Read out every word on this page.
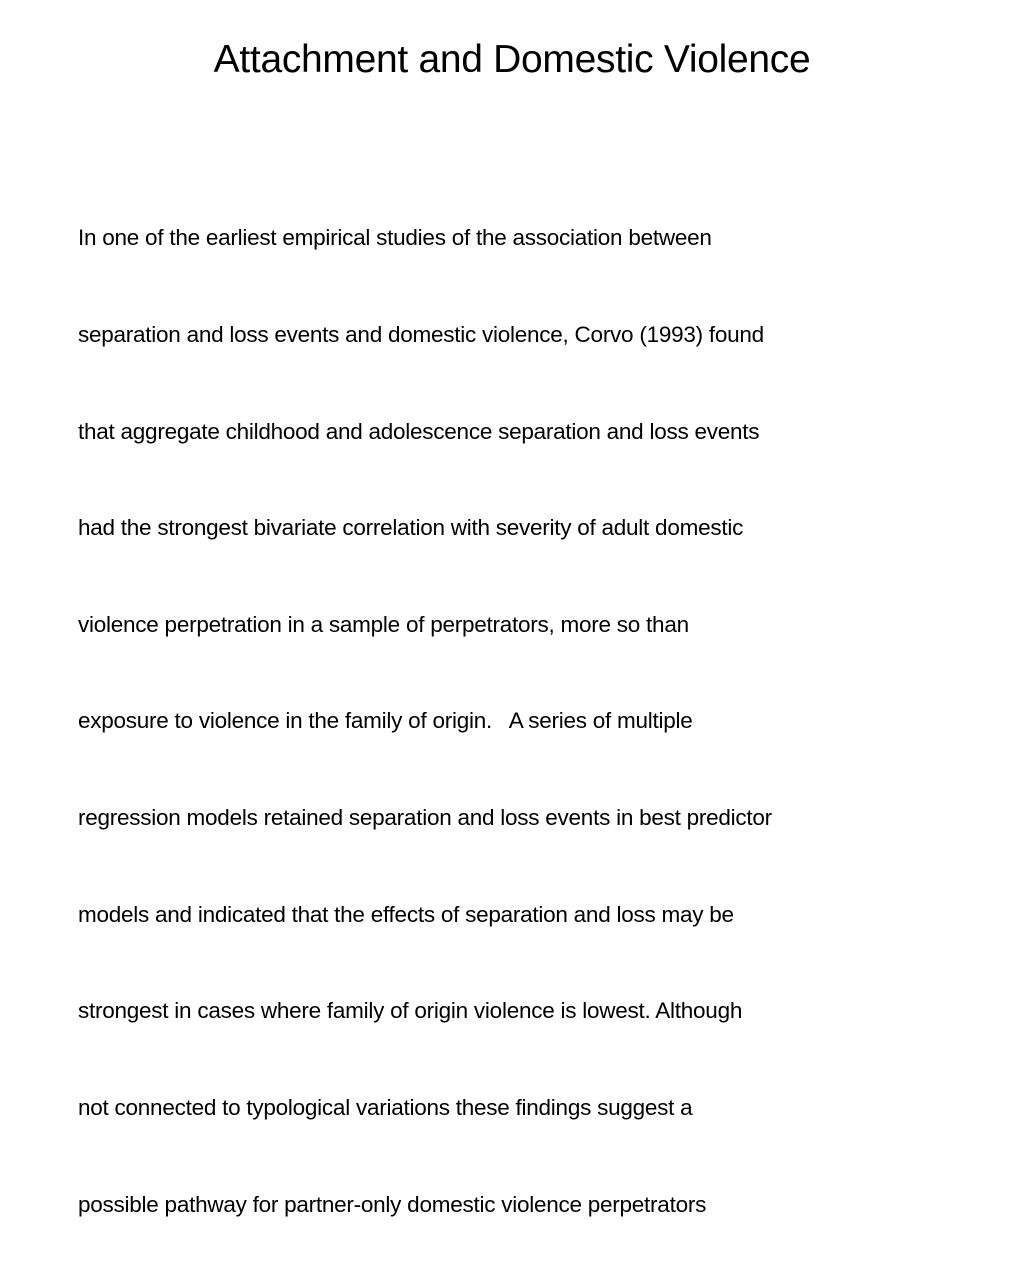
Attachment and Domestic Violence

In one of the earliest empirical studies of the association between

separation and loss events and domestic violence, Corvo (1993) found

that aggregate childhood and adolescence separation and loss events

had the strongest bivariate correlation with severity of adult domestic

violence perpetration in a sample of perpetrators, more so than

exposure to violence in the family of origin.   A series of multiple

regression models retained separation and loss events in best predictor

models and indicated that the effects of separation and loss may be

strongest in cases where family of origin violence is lowest. Although

not connected to typological variations these findings suggest a

possible pathway for partner-only domestic violence perpetrators
